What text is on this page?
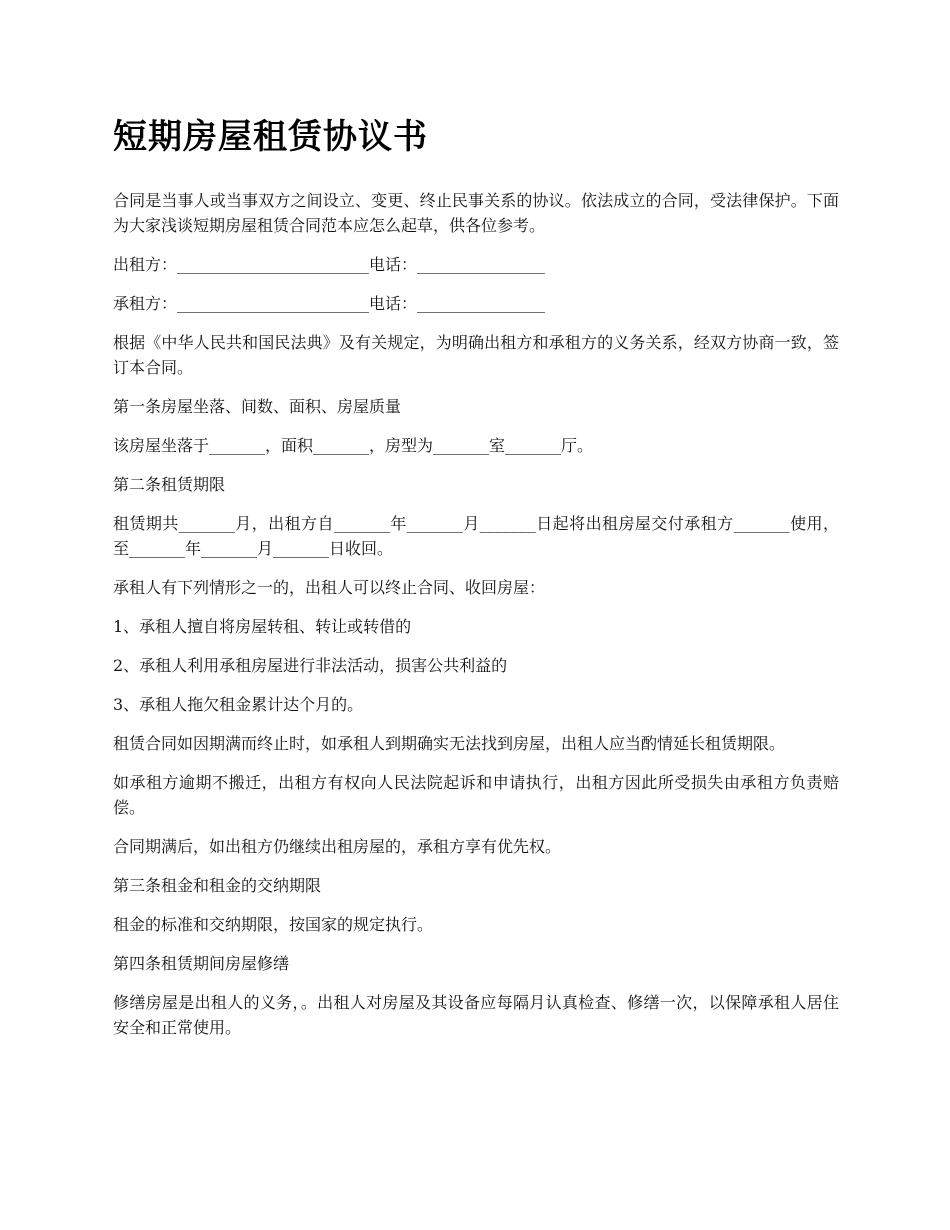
短期房屋租赁协议书

合同是当事人或当事双方之间设立、变更、终止民事关系的协议。依法成立的合同，受法律保护。下面为大家浅谈短期房屋租赁合同范本应怎么起草，供各位参考。

出租方：________________________电话：________________

承租方：________________________电话：________________

根据《中华人民共和国民法典》及有关规定，为明确出租方和承租方的义务关系，经双方协商一致，签订本合同。

第一条房屋坐落、间数、面积、房屋质量

该房屋坐落于_______，面积_______，房型为_______室_______厅。

第二条租赁期限

租赁期共_______月，出租方自_______年_______月_______日起将出租房屋交付承租方_______使用，至_______年_______月_______日收回。

承租人有下列情形之一的，出租人可以终止合同、收回房屋：

1、承租人擅自将房屋转租、转让或转借的

2、承租人利用承租房屋进行非法活动，损害公共利益的

3、承租人拖欠租金累计达个月的。

租赁合同如因期满而终止时，如承租人到期确实无法找到房屋，出租人应当酌情延长租赁期限。

如承租方逾期不搬迁，出租方有权向人民法院起诉和申请执行，出租方因此所受损失由承租方负责赔偿。

合同期满后，如出租方仍继续出租房屋的，承租方享有优先权。

第三条租金和租金的交纳期限

租金的标准和交纳期限，按国家的规定执行。

第四条租赁期间房屋修缮

修缮房屋是出租人的义务，。出租人对房屋及其设备应每隔月认真检查、修缮一次，以保障承租人居住安全和正常使用。
